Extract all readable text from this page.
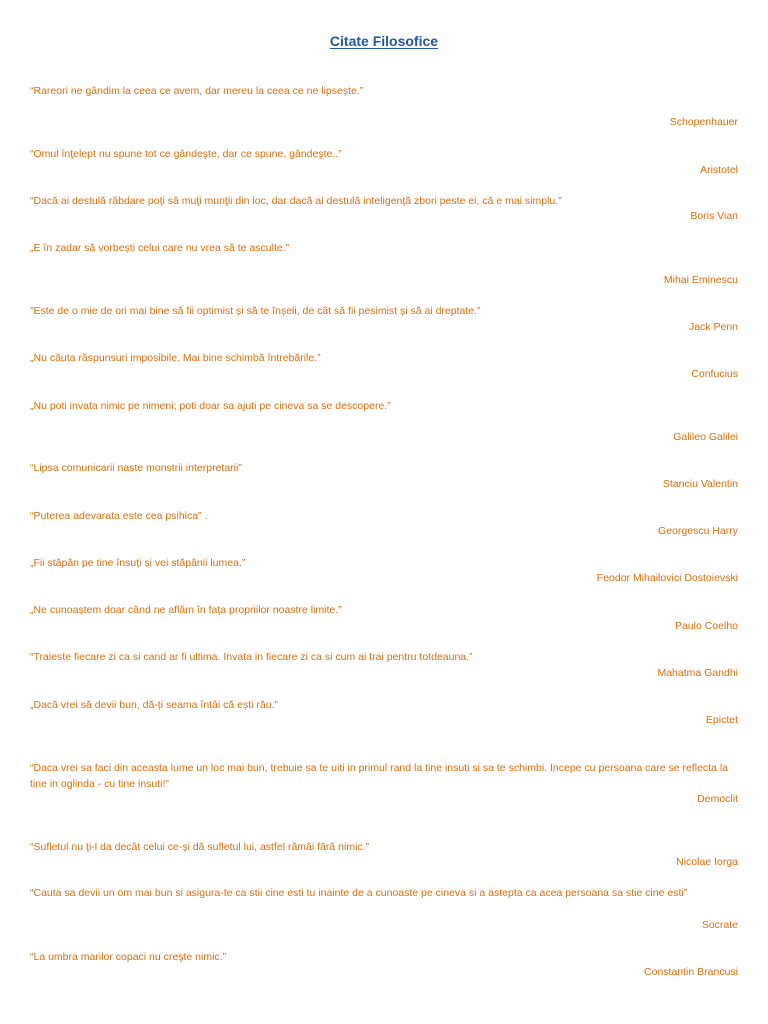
Citate Filosofice
“Rareori ne gândim la ceea ce avem, dar mereu la ceea ce ne lipseşte.”
Schopenhauer
“Omul înţelept nu spune tot ce gândeşte, dar ce spune, gândeşte..”
Aristotel
“Dacă ai destulă răbdare poţi să muţi munţii din loc, dar dacă ai destulă inteligenţă zbori peste ei, că e mai simplu.”
Boris Vian
„E în zadar să vorbești celui care nu vrea să te asculte.”
Mihai Eminescu
”Este de o mie de ori mai bine să fii optimist și să te înșeli, de cât să fii pesimist și să ai dreptate.”
Jack Penn
„Nu căuta răspunsuri imposibile. Mai bine schimbă întrebările.”
Confucius
„Nu poti invata nimic pe nimeni; poti doar sa ajuti pe cineva sa se descopere.”
Galileo Galilei
“Lipsa comunicarii naste monstrii interpretarii”
Stanciu Valentin
“Puterea adevarata este cea psihica” .
Georgescu Harry
„Fii stăpân pe tine însuți și vei stăpânii lumea.”
Feodor Mihailovici Dostoievski
„Ne cunoaștem doar când ne aflăm în fața propriilor noastre limite.”
Paulo Coelho
“Traieste fiecare zi ca si cand ar fi ultima. Invata in fiecare zi ca si cum ai trai pentru totdeauna.”
Mahatma Gandhi
„Dacă vrei să devii bun, dă-ți seama întâi că ești rău.”
Epictet
“Daca vrei sa faci din aceasta lume un loc mai bun, trebuie sa te uiti in primul rand la tine insuti si sa te schimbi. Incepe cu persoana care se reflecta la tine in oglinda - cu tine insuti!”
Democlit
“Sufletul nu ţi-l da decât celui ce-şi dă sufletul lui, astfel rămâi fără nimic.”
Nicolae Iorga
“Cauta sa devii un om mai bun si asigura-te ca stii cine esti tu inainte de a cunoaste pe cineva si a astepta ca acea persoana sa stie cine esti”
Socrate
“La umbra marilor copaci nu creşte nimic.”
Constantin Brancusi
